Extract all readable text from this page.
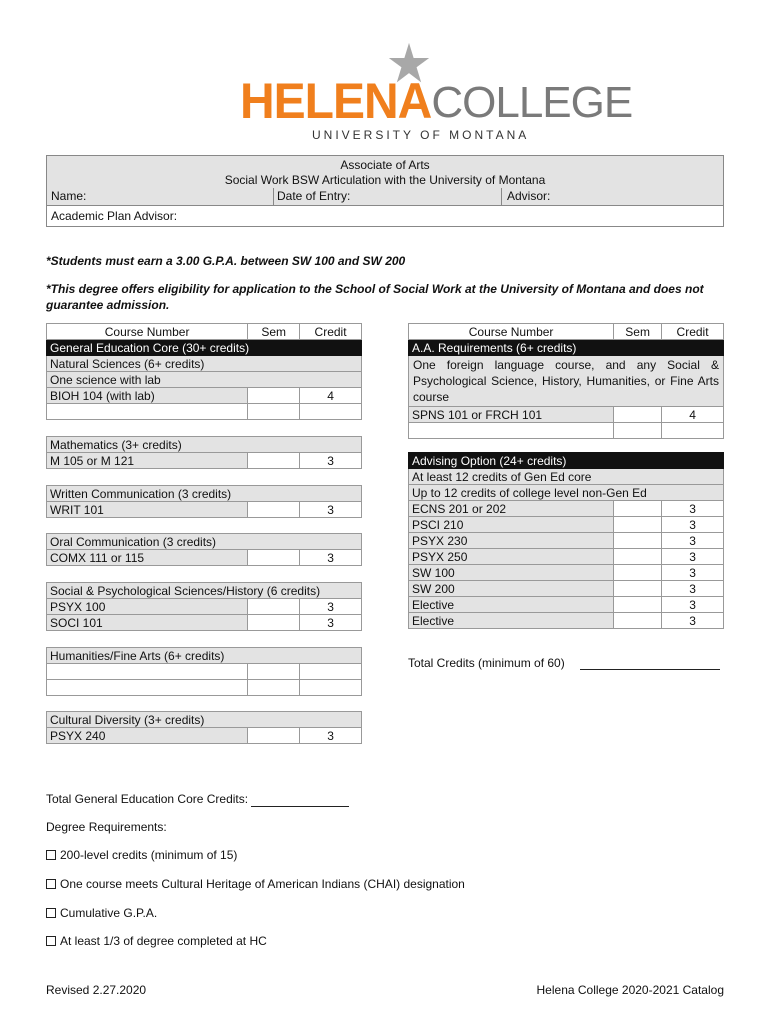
HELENACOLLEGE
UNIVERSITY OF MONTANA
Associate of Arts
Social Work BSW Articulation with the University of Montana
Name:	Date of Entry:	Advisor:
Academic Plan Advisor:
*Students must earn a 3.00 G.P.A. between SW 100 and SW 200
*This degree offers eligibility for application to the School of Social Work at the University of Montana and does not guarantee admission.
Course Number	Sem	Credit
General Education Core (30+ credits)		
Natural Sciences (6+ credits)		
One science with lab		
BIOH 104 (with lab)		4

Mathematics (3+ credits)
M 105 or M 121		3
Written Communication (3 credits)
WRIT 101		3
Oral Communication (3 credits)
COMX 111 or 115		3
Social & Psychological Sciences/History (6 credits)		
PSYX 100		3
SOCI 101		3
Humanities/Fine Arts (6+ credits)		

Cultural Diversity (3+ credits)
PSYX 240		3
Course Number	Sem	Credit
A.A. Requirements (6+ credits)		
One foreign language course, and any Social & Psychological Science, History, Humanities, or Fine Arts course		
SPNS 101 or FRCH 101		4

Advising Option (24+ credits)		
At least 12 credits of Gen Ed core		
Up to 12 credits of college level non-Gen Ed		
ECNS 201 or 202		3
PSCI 210		3
PSYX 230		3
PSYX 250		3
SW 100		3
SW 200		3
Elective		3
Elective		3
Total Credits (minimum of 60)
Total General Education Core Credits:
Degree Requirements:
200-level credits (minimum of 15)
One course meets Cultural Heritage of American Indians (CHAI) designation
Cumulative G.P.A.
At least 1/3 of degree completed at HC
Revised 2.27.2020	Helena College 2020-2021 Catalog
